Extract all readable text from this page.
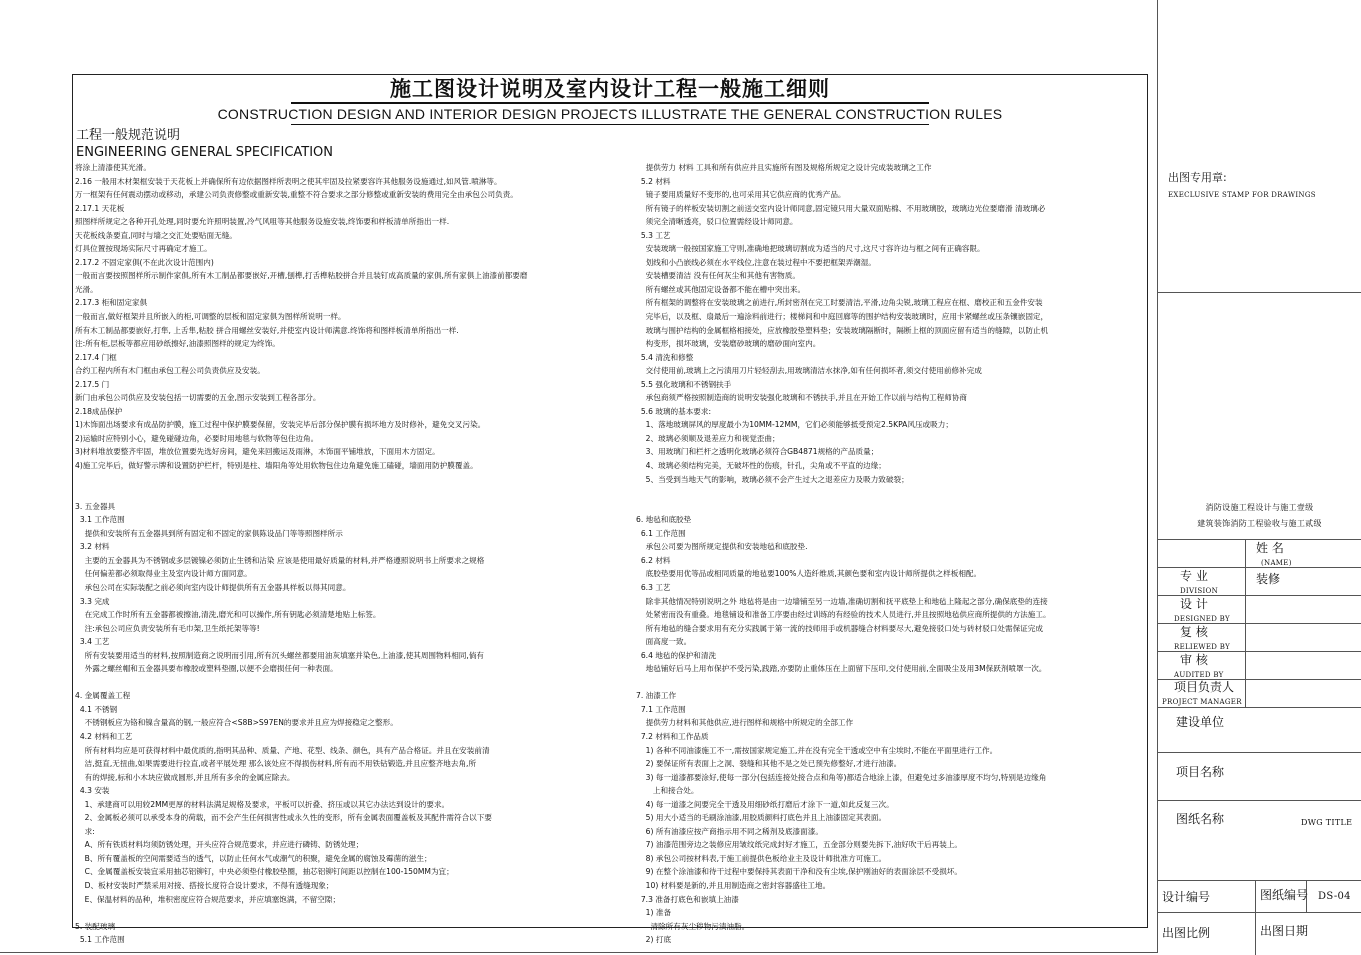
施工图设计说明及室内设计工程一般施工细则
CONSTRUCTION DESIGN AND INTERIOR DESIGN PROJECTS ILLUSTRATE THE GENERAL CONSTRUCTION RULES
工程一般规范说明
ENGINEERING GENERAL SPECIFICATION
将涂上清漆使其光滑。
2.16 一般用木材架框安装于天花板上并确保所有边依据图样所表明之使其牢固及拉紧要容许其他服务设施通过,如风管.喷淋等。
万一框架有任何震动摆动或移动，承建公司负责修整或重新安装,重整不符合要求之部分修整或重新安装的费用完全由承包公司负责。
2.17.1 天花板
照图样所规定之各种开孔处理,同时要允许照明装置,冷气风咀等其他服务设施安装,终饰要和样板清单所指出一样.
天花板线条要直,同时与墙之交汇处要贴面无缝。
灯具位置按现场实际尺寸再确定才施工。
2.17.2 不固定家俱(不在此次设计范围内)
一般而言要按照图样所示制作家俱,所有木工制品都要嵌好,开槽,刨榫,打舌榫粘胶拼合并且装钉成高质量的家俱,所有家俱上油漆前都要磨
光滑。
2.17.3 柜和固定家俱
一般而言,做好框架并且所嵌入的柜,可调整的层板和固定家俱为图样所说明一样。
所有木工制品都要嵌好,打隼, 上舌隼,粘胶 拼合用螺丝安装好,并使室内设计师满意.终饰将和图样板清单所指出一样.
注:所有柜,层板等都应用砂纸擦好,油漆照图样的规定为终饰。
2.17.4 门框
合约工程内所有木门框由承包工程公司负责供应及安装。
2.17.5 门
新门由承包公司供应及安装包括一切需要的五金,图示安装到工程各部分。
2.18成品保护
1)木饰面出场要求有成品防护膜，施工过程中保护膜要保留，安装完毕后部分保护膜有损坏地方及时修补，避免交叉污染。
2)运输时应特别小心，避免碰碰边角，必要时用地毯与软物等包住边角。
3)材料堆放要整齐牢固，堆放位置要先选好房间，避免来回搬运及雨淋，木饰面平铺堆放，下面用木方固定。
4)施工完毕后，做好警示牌和设置防护栏杆，特别是柱、墙阳角等处用软物包住边角避免施工磕碰，墙面用防护膜覆盖。
3. 五金器具
3.1 工作范围
提供和安装所有五金器具到所有固定和不固定的家俱陈设品门等等照图样所示
3.2 材料
主要的五金器具为不锈钢或多层镀镍必须防止生锈和沾染 应该是使用最好质量的材料,并严格遵照说明书上所要求之规格
任何偏差都必须取得业主及室内设计师方面同意。
承包公司在实际装配之前必须向室内设计师提供所有五金器具样板以得其同意。
3.3 完成
在完成工作时所有五金器都被擦油,清洗,磨光和可以操作,所有钥匙必须清楚地贴上标签。
注:承包公司应负责安装所有毛巾架,卫生纸托架等等!
3.4 工艺
所有安装要用适当的材料,按照制造商之说明而引用,所有沉头螺丝都要用油灰填塞并染色,上油漆,使其周围物料相同,倘有
外露之螺丝帽和五金器具要布橡胶或塑料垫圈,以便不会磨损任何一种表面。
4. 金属覆盖工程
4.1 不锈钢
不锈钢板应为铬和镍含量高的钢,一般应符合<S8B>S97EN的要求并且应为焊接稳定之整形。
4.2 材料和工艺
所有材料均应是可获得材料中最优质的,指明其品种、质量、产地、花型、线条、颜色，具有产品合格证。并且在安装前清
洁,挺直,无扭曲,如果需要进行拉直,或者平展处理 那么该处应不得损伤材料,所有而不用铁钻锻造,并且应整齐地去角,所
有的焊接,标和小木块应做成圆形,并且所有多余的金属应除去。
4.3 安装
1、承建商可以用较2MM更厚的材料法满足规格及要求，平板可以折叠、挤压或以其它办法达到设计的要求。
2、金属板必须可以承受本身的荷载，而不会产生任何损害性或永久性的变形，所有金属表面覆盖板及其配件需符合以下要
求:
A、所有铁质材料均须防锈处理，开头应符合规范要求，并应进行磷铸、防锈处理；
B、所有覆盖板的空间需要适当的透气，以防止任何水气或潮气的积聚，避免金属的腐蚀及霉菌的滋生；
C、金属覆盖板安装宜采用抽芯铝铆钉，中央必须垫付橡胶垫圈，抽芯铝铆钉间距以控制在100-150MM为宜；
D、板材安装时严禁采用对接、搭接长度符合设计要求，不得有透缝现象；
E、保温材料的品种，堆积密度应符合规范要求，并应填塞饱满，不留空隙；
5. 装配玻璃
5.1 工作范围
提供劳力 材料 工具和所有供应并且实施所有图及规格所规定之设计完成装玻璃之工作
5.2 材料
镜子要用质量好不变形的,也可采用其它供应商的优秀产品。
所有镜子的样板安装切割之前送交室内设计师同意,固定镜只用大量双面贴棉、不用玻璃胶，玻璃边光位要磨滑 清玻璃必
须完全清晰透亮，驳口位置需经设计师同意。
5.3 工艺
安装玻璃一般按国家施工守则,准确地把玻璃切割成为适当的尺寸,这尺寸容许边与框之间有正确容限。
划线和小凸嵌线必须在水平线位,注意在装过程中不要把框架弄潮湿。
安装槽要清洁 没有任何灰尘和其他有害物质。
所有螺丝或其他固定设备都不能在槽中突出来。
所有框架的调整将在安装玻璃之前进行,所封密剂在完工时要清洁,平滑,边角尖锐,玻璃工程应在框、磨校正和五金件安装
完毕后，以及框、扇最后一遍涂料前进行；楼梯间和中庭回廊等的围护结构安装玻璃时，应用卡紧螺丝或压条镶嵌固定，
玻璃与围护结构的金属框格相接处，应放橡胶垫塑料垫；安装玻璃隔断时，隔断上框的顶面应留有适当的缝隙，以防止机
构变形，损坏玻璃，安装磨砂玻璃的磨砂面向室内。
5.4 清洗和修整
交付使用前,玻璃上之污渍用刀片轻轻刮去,用玻璃清洁水抹净,如有任何损坏者,须交付使用前修补完成
5.5 强化玻璃和不锈钢扶手
承包商须严格按照制造商的说明安装强化玻璃和不锈扶手,并且在开始工作以前与结构工程师协商
5.6 玻璃的基本要求:
1、落地玻璃屏风的厚度最小为10MM-12MM，它们必须能够抵受预定2.5KPA风压或吸力；
2、玻璃必须顺及退差应力和视觉歪曲；
3、用玻璃门和栏杆之透明化玻璃必须符合GB4871规格的产品质量；
4、玻璃必须结构完美，无破坏性的伤痕，针孔，尖角或不平直的边缘；
5、当受到当地天气的影响，玻璃必须不会产生过大之退差应力及吸力致破裂；
6. 地毡和底胶垫
6.1 工作范围
承包公司要为图所规定提供和安装地毡和底胶垫.
6.2 材料
底胶垫要用优等品或相同质量的地毡要100%人造纤维质,其颜色要和室内设计师所提供之样板相配。
6.3 工艺
除非其他情况特别说明之外 地毡将是由一边墙铺至另一边墙,准确切割和抚平底垫上和地毡上隆起之部分,确保底垫的连接
处紧密而没有重叠。地毯铺设和准备工序要由经过训练的有经验的技术人员进行,并且按照地毡供应商所提供的方法施工。
所有地毡的缝合要求用有充分实践属于第一流的技师用手或机器缝合材料要尽大,避免接驳口处与砖材驳口处需保证完成
面高度一致。
6.4 地毡的保护和清洗
地毡铺好后马上用布保护不受污染,践踏,亦要防止重体压在上面留下压印,交付使用前,全面吸尘及用3M保跃剂喷罩一次。
7. 油漆工作
7.1 工作范围
提供劳力材料和其他供应,进行图样和规格中所规定的全部工作
7.2 材料和工作品质
1) 各种不同油漆施工不一,需按国家规定施工,并在没有完全干透或空中有尘埃时,不能在平面里进行工作。
2) 要保证所有表面上之洞、裂缝和其他不是之处已预先修整好,才进行油漆。
3) 每一道漆都要涂好,使每一部分(包括连接处接合点和角等)都适合地涂上漆，但避免过多油漆厚度不均匀,特别是边缘角
上和接合处。
4) 每一道漆之间要完全干透及用细砂纸打磨后才涂下一道,如此反复三次。
5) 用大小适当的毛刷涂油漆,用胶质颜料打底色并且上油漆固定其表面。
6) 所有油漆应按产商指示用不同之稀剂及底漆面漆。
7) 油漆范围旁边之装修应用皱纹纸完成封好才施工，五金部分则要先拆下,油好吹干后再装上。
8) 承包公司按材料表,于施工前提供色板给业主及设计师批准方可施工。
9) 在整个涂油漆和待干过程中要保持其表面干净和没有尘埃,保护刚油好的表面涂层不受损坏。
10) 材料要是新的,并且用制造商之密封容器盛往工地。
7.3 准备打底色和嵌填上油漆
1) 准备
清除所有灰尘秽物污渍油脂。
2) 打底
出图专用章:
EXECLUSIVE STAMP FOR DRAWINGS
消防设施工程设计与施工壹级
建筑装饰消防工程验收与施工贰级
姓 名
(NAME)
专 业
DIVISION
装修
设 计
DESIGNED BY
复 核
RELIEWED BY
审 核
AUDITED BY
项目负责人
PROJECT MANAGER
建设单位
项目名称
图纸名称	DWG TITLE
设计编号	图纸编号 DS-04
出图比例	出图日期
